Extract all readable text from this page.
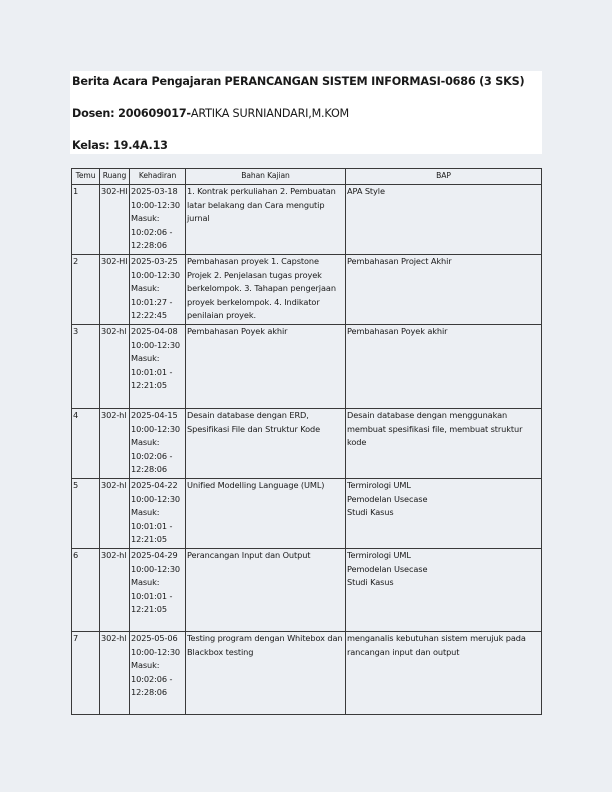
Berita Acara Pengajaran PERANCANGAN SISTEM INFORMASI-0686 (3 SKS)
Dosen: 200609017-ARTIKA SURNIANDARI,M.KOM
Kelas: 19.4A.13
Temu	Ruang	Kehadiran	Bahan Kajian	BAP
1	302-HI	2025-03-18 10:00-12:30 Masuk: 10:02:06 - 12:28:06	1. Kontrak perkuliahan 2. Pembuatan latar belakang dan Cara mengutip jurnal	APA Style
2	302-HI	2025-03-25 10:00-12:30 Masuk: 10:01:27 - 12:22:45	Pembahasan proyek 1. Capstone Projek 2. Penjelasan tugas proyek berkelompok. 3. Tahapan pengerjaan proyek berkelompok. 4. Indikator penilaian proyek.	Pembahasan Project Akhir
3	302-hl	2025-04-08 10:00-12:30 Masuk: 10:01:01 - 12:21:05	Pembahasan Poyek akhir	Pembahasan Poyek akhir
4	302-hl	2025-04-15 10:00-12:30 Masuk: 10:02:06 - 12:28:06	Desain database dengan ERD, Spesifikasi File dan Struktur Kode	Desain database dengan menggunakan membuat spesifikasi file, membuat struktur kode
5	302-hl	2025-04-22 10:00-12:30 Masuk: 10:01:01 - 12:21:05	Unified Modelling Language (UML)	Termirologi UML
Pemodelan Usecase
Studi Kasus
6	302-hl	2025-04-29 10:00-12:30 Masuk: 10:01:01 - 12:21:05	Perancangan Input dan Output	Termirologi UML
Pemodelan Usecase
Studi Kasus
7	302-hl	2025-05-06 10:00-12:30 Masuk: 10:02:06 - 12:28:06	Testing program dengan Whitebox dan Blackbox testing	menganalis kebutuhan sistem merujuk pada rancangan input dan output
